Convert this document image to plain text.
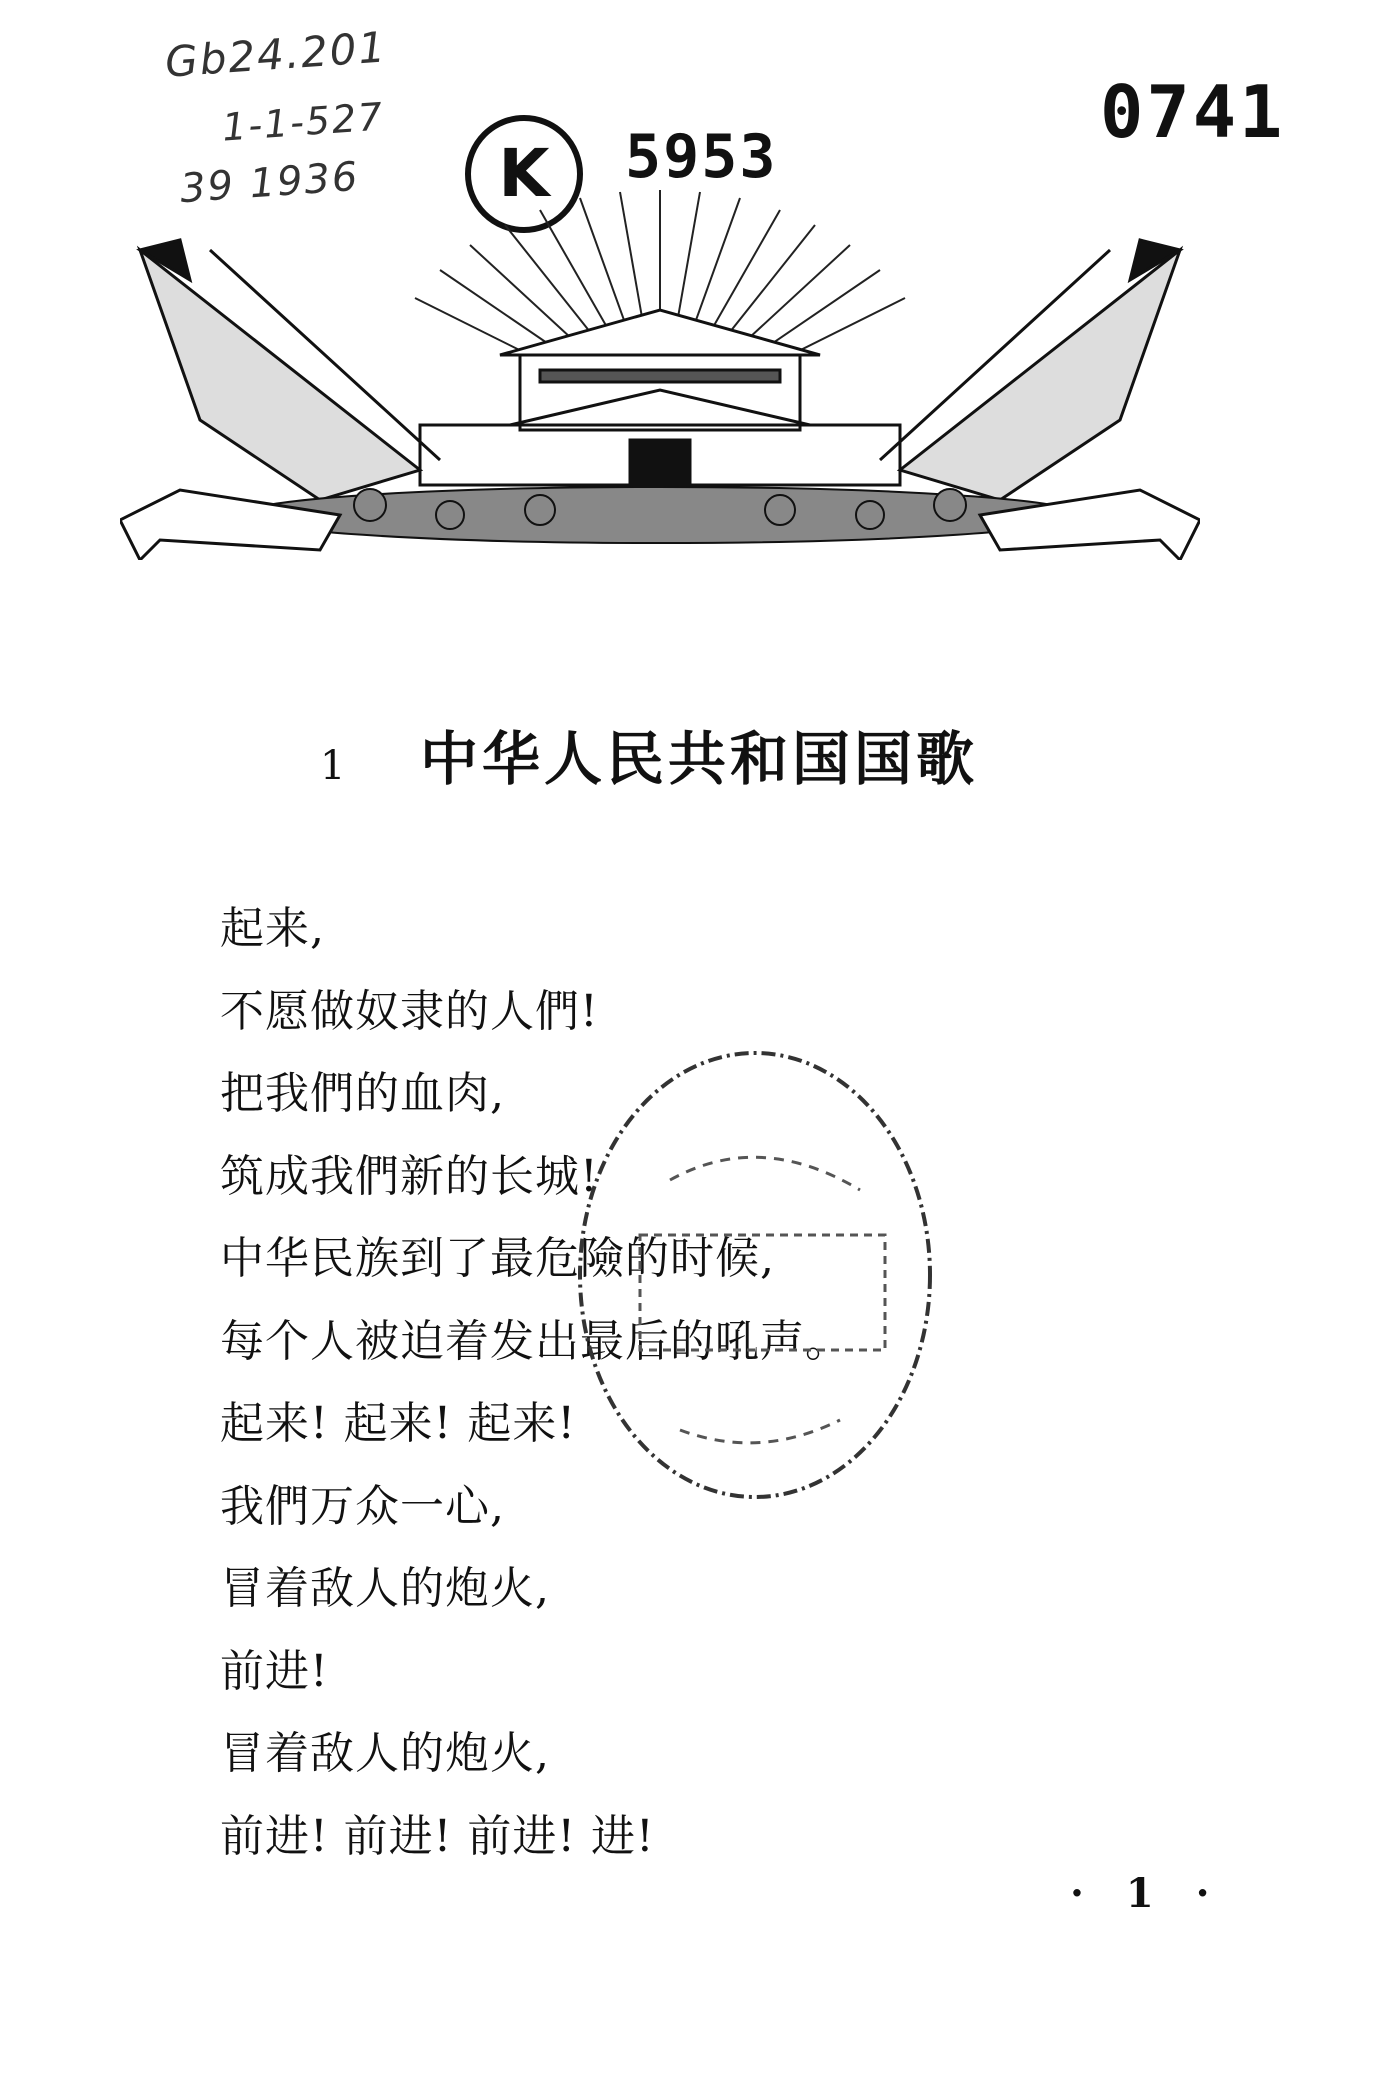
Gb24.201
1-1-527
39 1936 K 5953
0741
1	中华人民共和国国歌
起来,
不愿做奴隶的人們!
把我們的血肉,
筑成我們新的长城!
中华民族到了最危險的时候,
每个人被迫着发出最后的吼声。
起来! 起来! 起来!
我們万众一心,
冒着敌人的炮火,
前进!
冒着敌人的炮火,
前进! 前进! 前进! 进!
· 1 ·
